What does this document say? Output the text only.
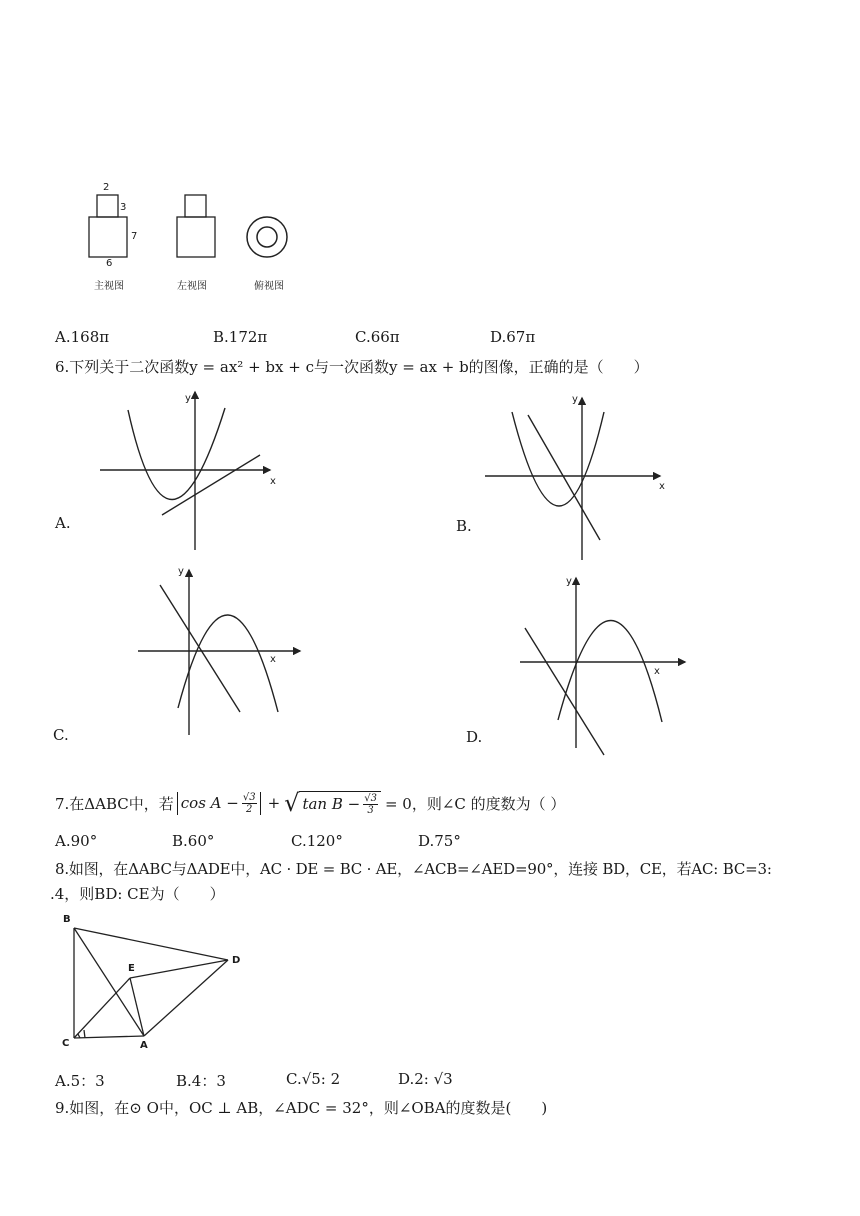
2
3
7
6
主视图	左视图	俯视图
A.168π	B.172π	C.66π	D.67π
6.下列关于二次函数y = ax² + bx + c与一次函数y = ax + b的图像，正确的是（　　）
y
x
y
x
y
x
y
x
A.	B.
C.	D.
7.在ΔABC中，若 $\cos A - \frac{√3}{2}$ + √ $\tan B - \frac{√3}{3} = 0$，则∠C 的度数为（ ）
A.90°	B.60°	C.120°	D.75°
8.如图，在ΔABC与ΔADE中，AC · DE = BC · AE，∠ACB=∠AED=90°，连接 BD，CE，若AC: BC=3:
.4，则BD: CE为（　　）
B
E
D
C	A
A.5：3	B.4：3	C.√5: 2	D.2: √3
9.如图，在⊙ O中，OC ⊥ AB，∠ADC = 32°，则∠OBA的度数是(　　)
